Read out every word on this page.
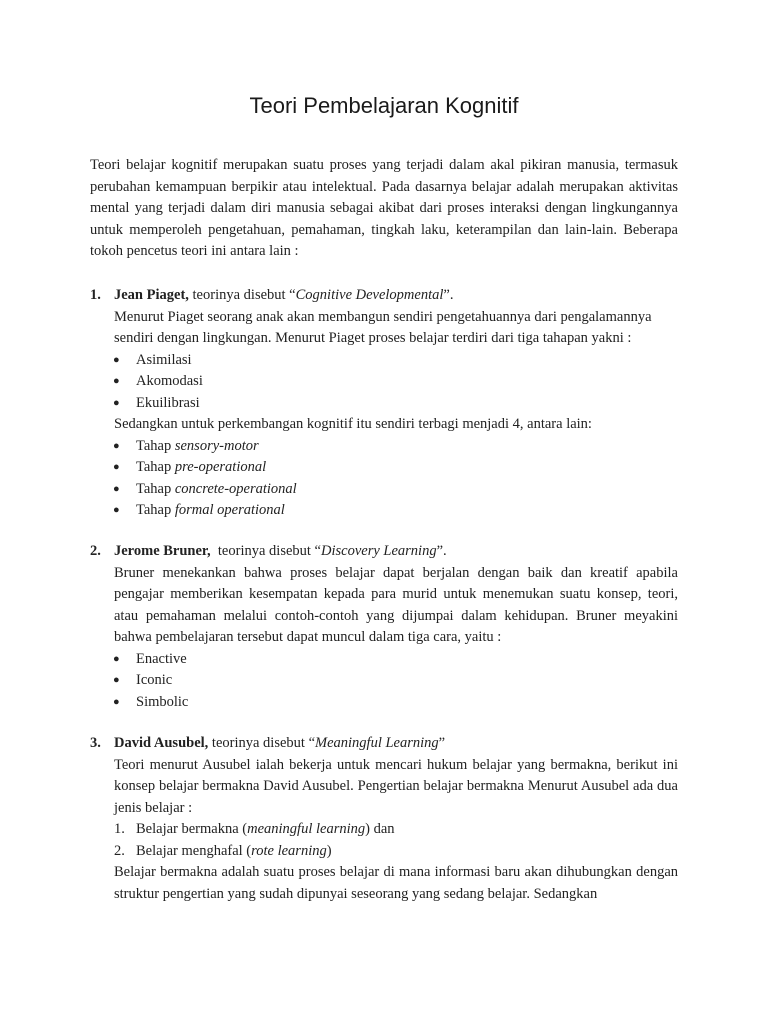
Teori Pembelajaran Kognitif

Teori belajar kognitif merupakan suatu proses yang terjadi dalam akal pikiran manusia, termasuk perubahan kemampuan berpikir atau intelektual. Pada dasarnya belajar adalah merupakan aktivitas mental yang terjadi dalam diri manusia sebagai akibat dari proses interaksi dengan lingkungannya untuk memperoleh pengetahuan, pemahaman, tingkah laku, keterampilan dan lain-lain. Beberapa tokoh pencetus teori ini antara lain :

1. Jean Piaget, teorinya disebut “Cognitive Developmental”.

Menurut Piaget seorang anak akan membangun sendiri pengetahuannya dari pengalamannya sendiri dengan lingkungan. Menurut Piaget proses belajar terdiri dari tiga tahapan yakni :

● Asimilasi
● Akomodasi
● Ekuilibrasi

Sedangkan untuk perkembangan kognitif itu sendiri terbagi menjadi 4, antara lain:

● Tahap sensory-motor
● Tahap pre-operational
● Tahap concrete-operational
● Tahap formal operational
2. Jerome Bruner,  teorinya disebut “Discovery Learning”.

Bruner menekankan bahwa proses belajar dapat berjalan dengan baik dan kreatif apabila pengajar memberikan kesempatan kepada para murid untuk menemukan suatu konsep, teori, atau pemahaman melalui contoh-contoh yang dijumpai dalam kehidupan. Bruner meyakini bahwa pembelajaran tersebut dapat muncul dalam tiga cara, yaitu :

● Enactive
● Iconic
● Simbolic
3. David Ausubel, teorinya disebut “Meaningful Learning”

Teori menurut Ausubel ialah bekerja untuk mencari hukum belajar yang bermakna, berikut ini konsep belajar bermakna David Ausubel. Pengertian belajar bermakna Menurut Ausubel ada dua jenis belajar :

1. Belajar bermakna (meaningful learning) dan
2. Belajar menghafal (rote learning)

Belajar bermakna adalah suatu proses belajar di mana informasi baru akan dihubungkan dengan struktur pengertian yang sudah dipunyai seseorang yang sedang belajar. Sedangkan
